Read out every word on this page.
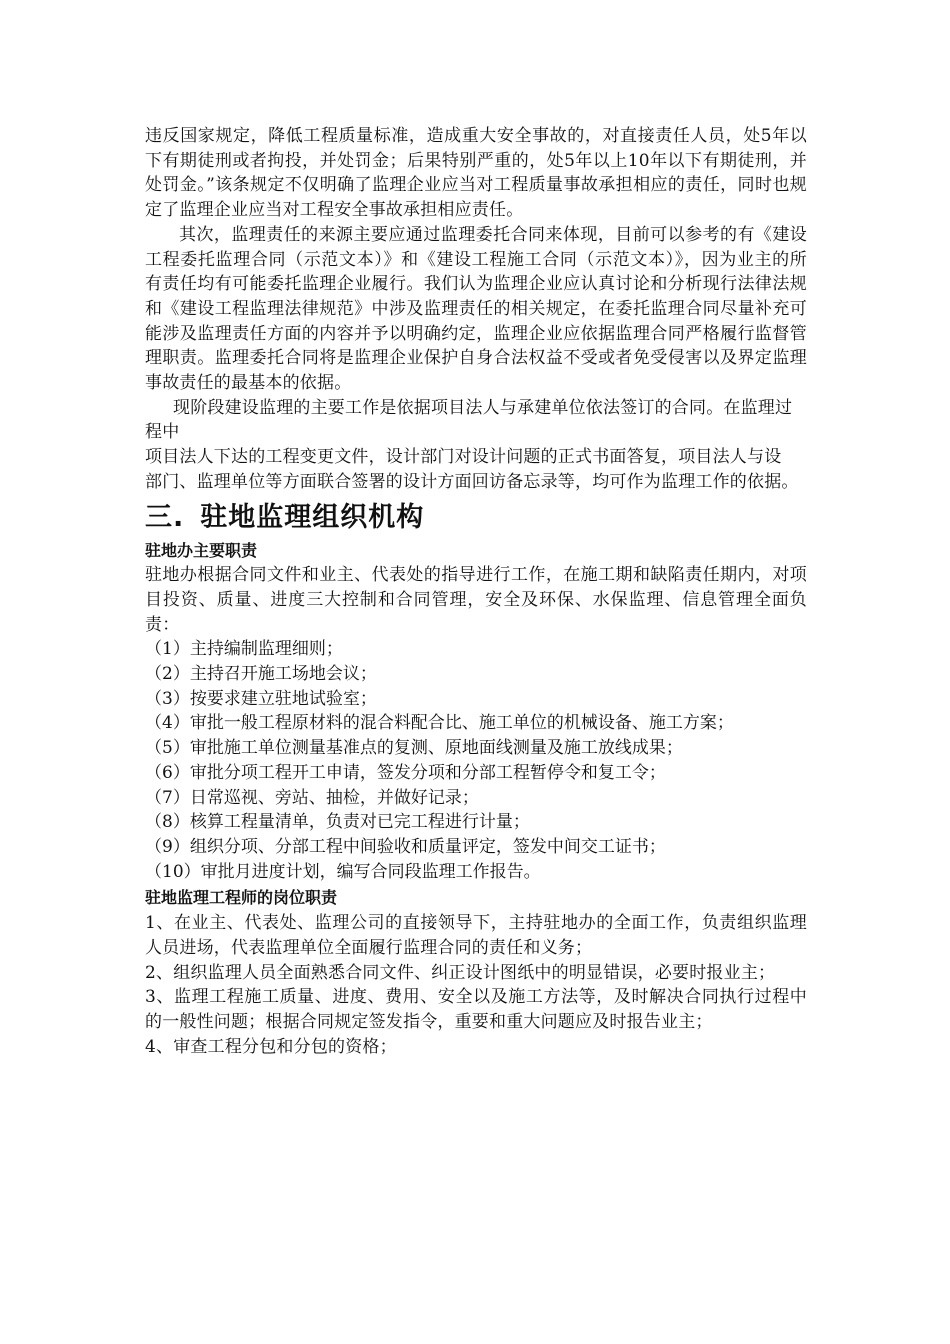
违反国家规定，降低工程质量标准，造成重大安全事故的，对直接责任人员，处5年以下有期徒刑或者拘投，并处罚金；后果特别严重的，处5年以上10年以下有期徒刑，并处罚金。”该条规定不仅明确了监理企业应当对工程质量事故承担相应的责任，同时也规定了监理企业应当对工程安全事故承担相应责任。

其次，监理责任的来源主要应通过监理委托合同来体现，目前可以参考的有《建设工程委托监理合同（示范文本）》和《建设工程施工合同（示范文本）》，因为业主的所有责任均有可能委托监理企业履行。我们认为监理企业应认真讨论和分析现行法律法规和《建设工程监理法律规范》中涉及监理责任的相关规定，在委托监理合同尽量补充可能涉及监理责任方面的内容并予以明确约定，监理企业应依据监理合同严格履行监督管理职责。监理委托合同将是监理企业保护自身合法权益不受或者免受侵害以及界定监理事故责任的最基本的依据。

现阶段建设监理的主要工作是依据项目法人与承建单位依法签订的合同。在监理过程中

项目法人下达的工程变更文件，设计部门对设计问题的正式书面答复，项目法人与设

部门、监理单位等方面联合签署的设计方面回访备忘录等，均可作为监理工作的依据。

三. 驻地监理组织机构
驻地办主要职责

驻地办根据合同文件和业主、代表处的指导进行工作，在施工期和缺陷责任期内，对项目投资、质量、进度三大控制和合同管理，安全及环保、水保监理、信息管理全面负责：

（1）主持编制监理细则；

（2）主持召开施工场地会议；

（3）按要求建立驻地试验室；

（4）审批一般工程原材料的混合料配合比、施工单位的机械设备、施工方案；

（5）审批施工单位测量基准点的复测、原地面线测量及施工放线成果；

（6）审批分项工程开工申请，签发分项和分部工程暂停令和复工令；

（7）日常巡视、旁站、抽检，并做好记录；

（8）核算工程量清单，负责对已完工程进行计量；

（9）组织分项、分部工程中间验收和质量评定，签发中间交工证书；

（10）审批月进度计划，编写合同段监理工作报告。

驻地监理工程师的岗位职责

1、在业主、代表处、监理公司的直接领导下，主持驻地办的全面工作，负责组织监理人员进场，代表监理单位全面履行监理合同的责任和义务；

2、组织监理人员全面熟悉合同文件、纠正设计图纸中的明显错误，必要时报业主；

3、监理工程施工质量、进度、费用、安全以及施工方法等，及时解决合同执行过程中的一般性问题；根据合同规定签发指令，重要和重大问题应及时报告业主；

4、审查工程分包和分包的资格；
